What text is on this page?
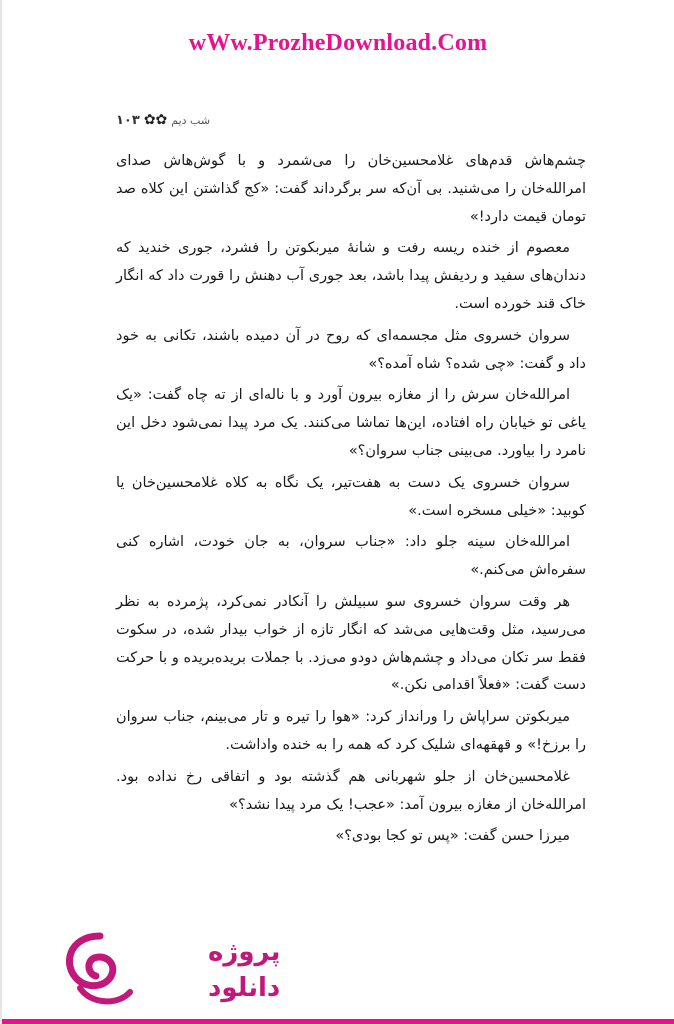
wWw.ProzheDownload.Com
شب دیم
✿✿
۱۰۳

چشم‌هاش قدم‌های غلامحسین‌خان را می‌شمرد و با گوش‌هاش صدای امرالله‌خان را می‌شنید. بی آن‌که سر برگرداند گفت: «کج گذاشتن این کلاه صد تومان قیمت دارد!»

معصوم از خنده ریسه رفت و شانهٔ میربکوتن را فشرد، جوری خندید که دندان‌های سفید و ردیفش پیدا باشد، بعد جوری آب دهنش را قورت داد که انگار خاک قند خورده است.

سروان خسروی مثل مجسمه‌ای که روح در آن دمیده باشند، تکانی به خود داد و گفت: «چی شده؟ شاه آمده؟»

امرالله‌خان سرش را از مغازه بیرون آورد و با ناله‌ای از ته چاه گفت: «یک یاغی تو خیابان راه افتاده، این‌ها تماشا می‌کنند. یک مرد پیدا نمی‌شود دخل این نامرد را بیاورد. می‌بینی جناب سروان؟»

سروان خسروی یک دست به هفت‌تیر، یک نگاه به کلاه غلامحسین‌خان یا کوبید: «خیلی مسخره است.»

امرالله‌خان سینه جلو داد: «جناب سروان، به جان خودت، اشاره کنی سفره‌اش می‌کنم.»

هر وقت سروان خسروی سو سبیلش را آنکادر نمی‌کرد، پژمرده به نظر می‌رسید، مثل وقت‌هایی می‌شد که انگار تازه از خواب بیدار شده، در سکوت فقط سر تکان می‌داد و چشم‌هاش دودو می‌زد. با جملات بریده‌بریده و با حرکت دست گفت: «فعلاً اقدامی نکن.»

میربکوتن سراپاش را ورانداز کرد: «هوا را تیره و تار می‌بینم، جناب سروان را برزخ!» و قهقهه‌ای شلیک کرد که همه را به خنده واداشت.

غلامحسین‌خان از جلو شهربانی هم گذشته بود و اتفاقی رخ نداده بود. امرالله‌خان از مغازه بیرون آمد: «عجب! یک مرد پیدا نشد؟»

میرزا حسن گفت: «پس تو کجا بودی؟»

پروژه
دانلود
